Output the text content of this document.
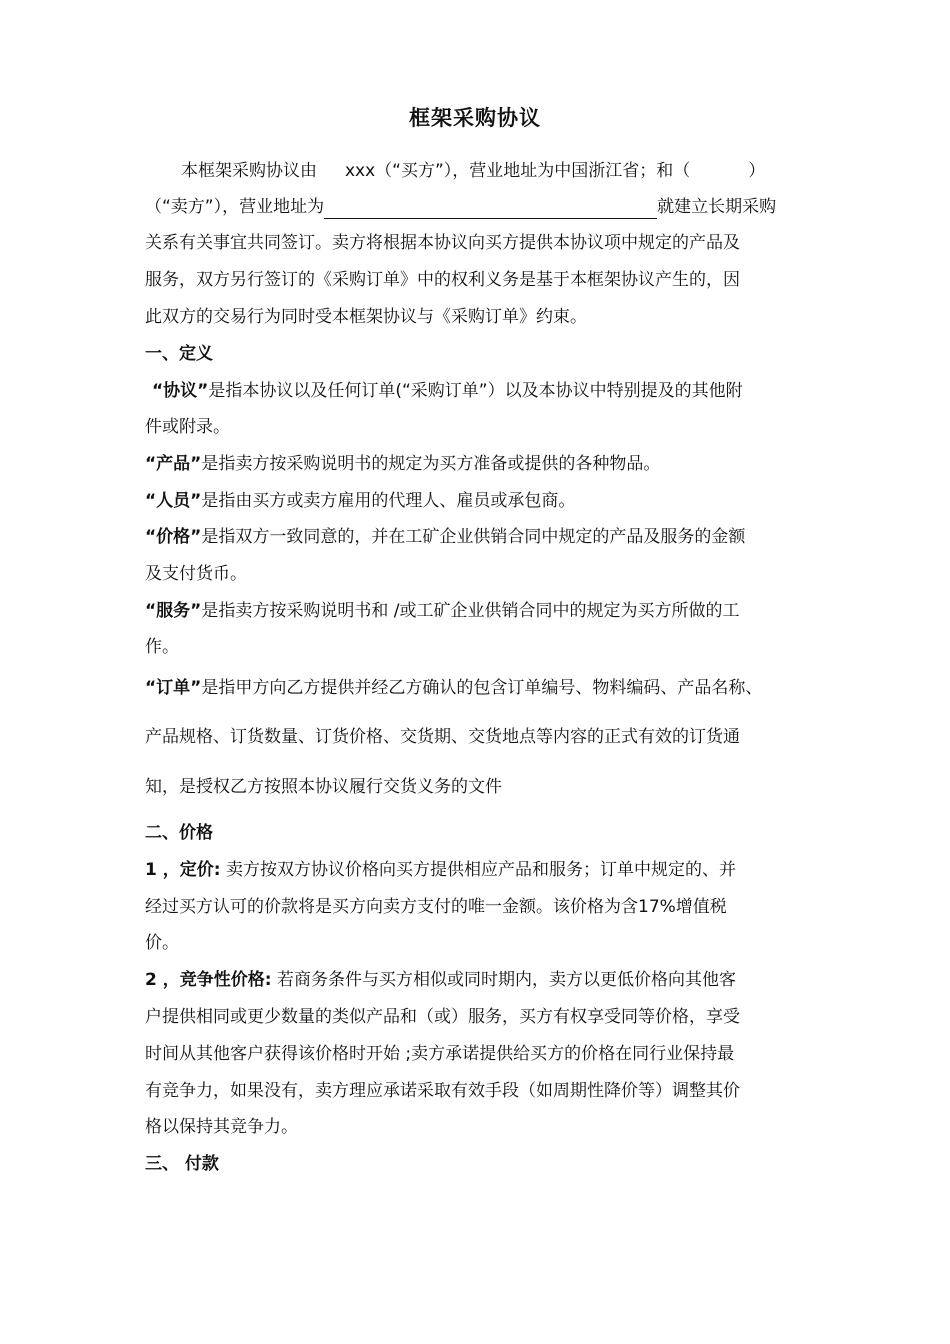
框架采购协议
本框架采购协议由 xxx（“买方”），营业地址为中国浙江省；和（	）
（“卖方”），营业地址为	就建立长期采购
关系有关事宜共同签订。卖方将根据本协议向买方提供本协议项中规定的产品及
服务，双方另行签订的《采购订单》中的权利义务是基于本框架协议产生的，因
此双方的交易行为同时受本框架协议与《采购订单》约束。
一、定义
“协议”是指本协议以及任何订单(“采购订单”）以及本协议中特别提及的其他附
件或附录。
“产品”是指卖方按采购说明书的规定为买方准备或提供的各种物品。
“人员”是指由买方或卖方雇用的代理人、雇员或承包商。
“价格”是指双方一致同意的，并在工矿企业供销合同中规定的产品及服务的金额
及支付货币。
“服务”是指卖方按采购说明书和 /或工矿企业供销合同中的规定为买方所做的工
作。
“订单”是指甲方向乙方提供并经乙方确认的包含订单编号、物料编码、产品名称、
产品规格、订货数量、订货价格、交货期、交货地点等内容的正式有效的订货通
知，是授权乙方按照本协议履行交货义务的文件
二、价格
1 ，定价: 卖方按双方协议价格向买方提供相应产品和服务；订单中规定的、并
经过买方认可的价款将是买方向卖方支付的唯一金额。该价格为含17%增值税
价。
2 ，竞争性价格: 若商务条件与买方相似或同时期内，卖方以更低价格向其他客
户提供相同或更少数量的类似产品和（或）服务，买方有权享受同等价格，享受
时间从其他客户获得该价格时开始 ;卖方承诺提供给买方的价格在同行业保持最
有竞争力，如果没有，卖方理应承诺采取有效手段（如周期性降价等）调整其价
格以保持其竞争力。
三、 付款
